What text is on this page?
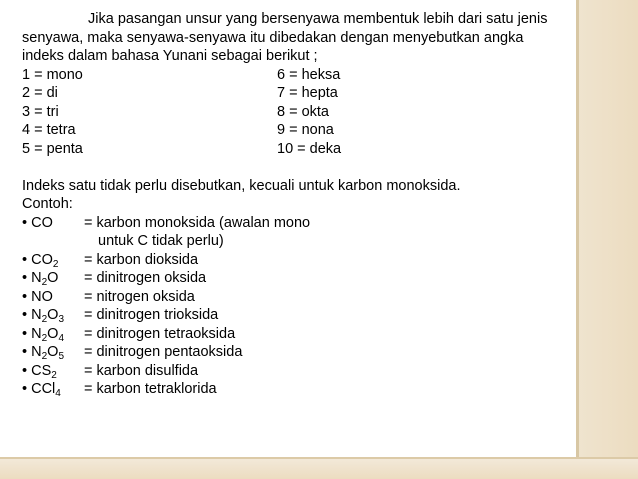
Jika pasangan unsur yang bersenyawa membentuk lebih dari satu jenis
senyawa, maka senyawa-senyawa itu dibedakan dengan menyebutkan angka
indeks dalam bahasa Yunani sebagai berikut ;
1 = mono	6 = heksa
2 = di	7 = hepta
3 = tri	8 = okta
4 = tetra	9 = nona
5 = penta	10 = deka
Indeks satu tidak perlu disebutkan, kecuali untuk karbon monoksida.
Contoh:
• CO	= karbon monoksida (awalan mono
untuk C tidak perlu)
• $CO_2$	= karbon dioksida
• $N_2O$	= dinitrogen oksida
• NO	= nitrogen oksida
• $N_2O_3$	= dinitrogen trioksida
• $N_2O_4$	= dinitrogen tetraoksida
• $N_2O_5$	= dinitrogen pentaoksida
• $CS_2$	= karbon disulfida
• CCl$_4$	= karbon tetraklorida
